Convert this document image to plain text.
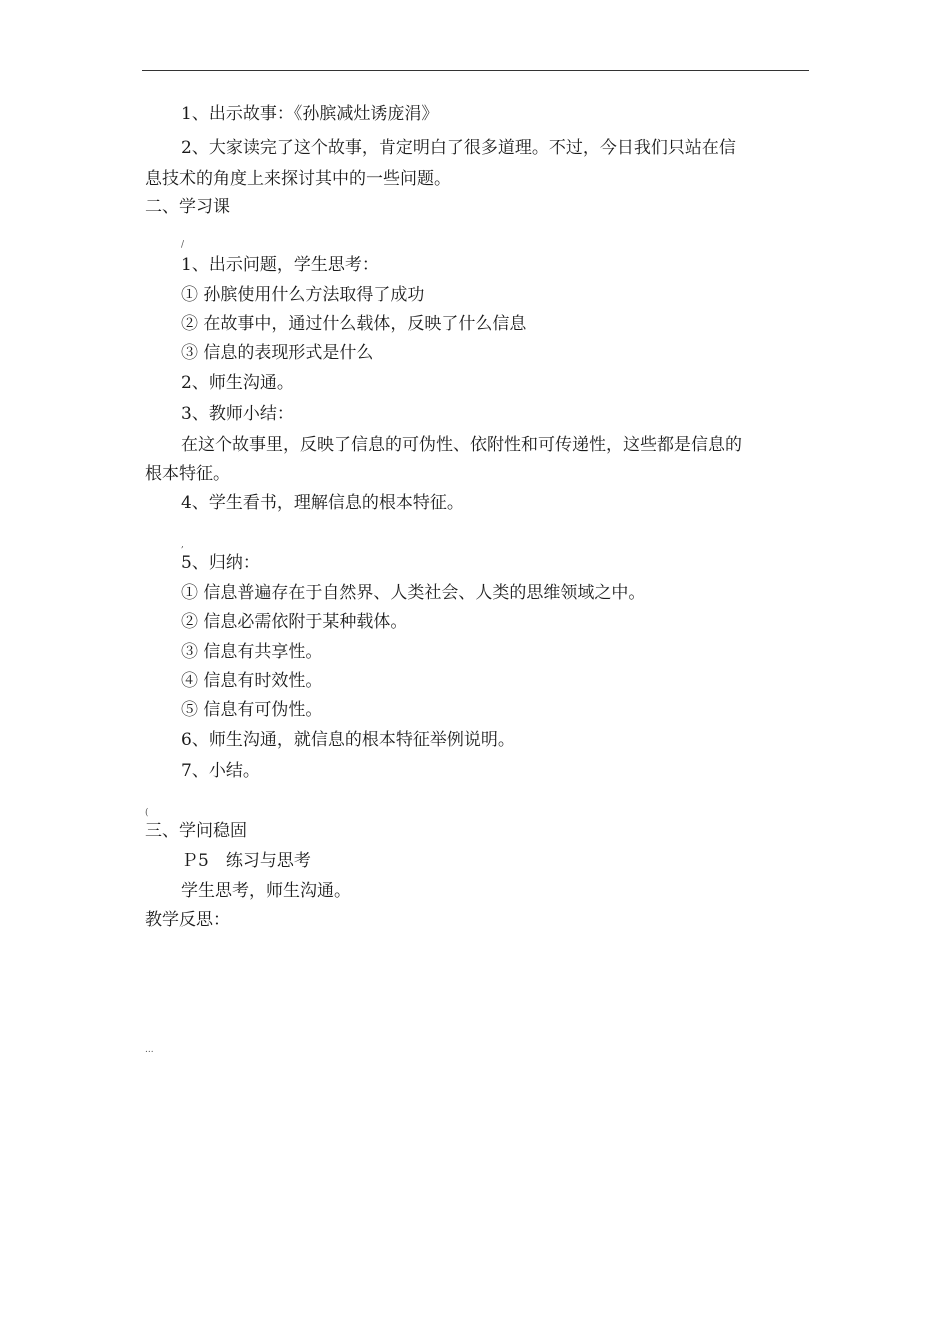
1、出示故事：《孙膑减灶诱庞涓》
2、大家读完了这个故事，肯定明白了很多道理。不过，今日我们只站在信
息技术的角度上来探讨其中的一些问题。
二、学习课
/
1、出示问题，学生思考：
① 孙膑使用什么方法取得了成功
② 在故事中，通过什么载体，反映了什么信息
③ 信息的表现形式是什么
2、师生沟通。
3、教师小结：
在这个故事里，反映了信息的可伪性、依附性和可传递性，这些都是信息的
根本特征。
4、学生看书，理解信息的根本特征。
,
5、归纳：
① 信息普遍存在于自然界、人类社会、人类的思维领域之中。
② 信息必需依附于某种载体。
③ 信息有共享性。
④ 信息有时效性。
⑤ 信息有可伪性。
6、师生沟通，就信息的根本特征举例说明。
7、小结。
(
三、学问稳固
Ｐ5　练习与思考
学生思考，师生沟通。
教学反思：
...
